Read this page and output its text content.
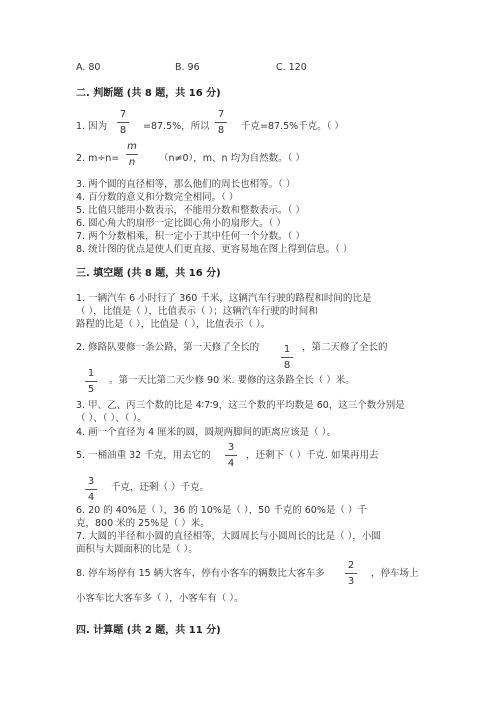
A. 80	B. 96	C. 120
二. 判断题 (共 8 题，共 16 分)
1. 因为
7
8	=87.5%，所以
7
8	千克=87.5%千克。（ ）
2. m÷n=
m
n	（n≠0），m、n 均为自然数。（ ）
3. 两个圆的直径相等，那么他们的周长也相等。（ ）
4. 百分数的意义和分数完全相同。（ ）
5. 比值只能用小数表示，不能用分数和整数表示。（ ）
6. 圆心角大的扇形一定比圆心角小的扇形大。（ ）
7. 两个分数相乘，积一定小于其中任何一个分数。（ ）
8. 统计图的优点是使人们更直接、更容易地在图上得到信息。（ ）
三. 填空题 (共 8 题，共 16 分)
1. 一辆汽车 6 小时行了 360 千米，这辆汽车行驶的路程和时间的比是
（ ），比值是（ ），比值表示（ ）；这辆汽车行驶的时间和
路程的比是（ ），比值是（ ），比值表示（ ）。
2. 修路队要修一条公路，第一天修了全长的	1
8
，第二天修了全长的
1
5
。第一天比第二天少修 90 米. 要修的这条路全长（ ）米。
3. 甲、乙、丙三个数的比是 4∶7∶9，这三个数的平均数是 60，这三个数分别是
（ ）、（ ）、（ ）。
4. 画一个直径为 4 厘米的圆，圆规两脚间的距离应该是（ ）。
5. 一桶油重 32 千克，用去它的
3
4
，还剩下（ ）千克. 如果再用去
3
4
千克，还剩（ ）千克。
6. 20 的 40%是（ ），36 的 10%是（ ），50 千克的 60%是（ ）千
克，800 米的 25%是（ ）米。
7. 大圆的半径和小圆的直径相等，大圆周长与小圆周长的比是（ ），小圆
面积与大圆面积的比是（ ）。
8. 停车场停有 15 辆大客车，停有小客车的辆数比大客车多
2
3
，停车场上
小客车比大客车多（ ），小客车有（ ）。
四. 计算题 (共 2 题，共 11 分)
